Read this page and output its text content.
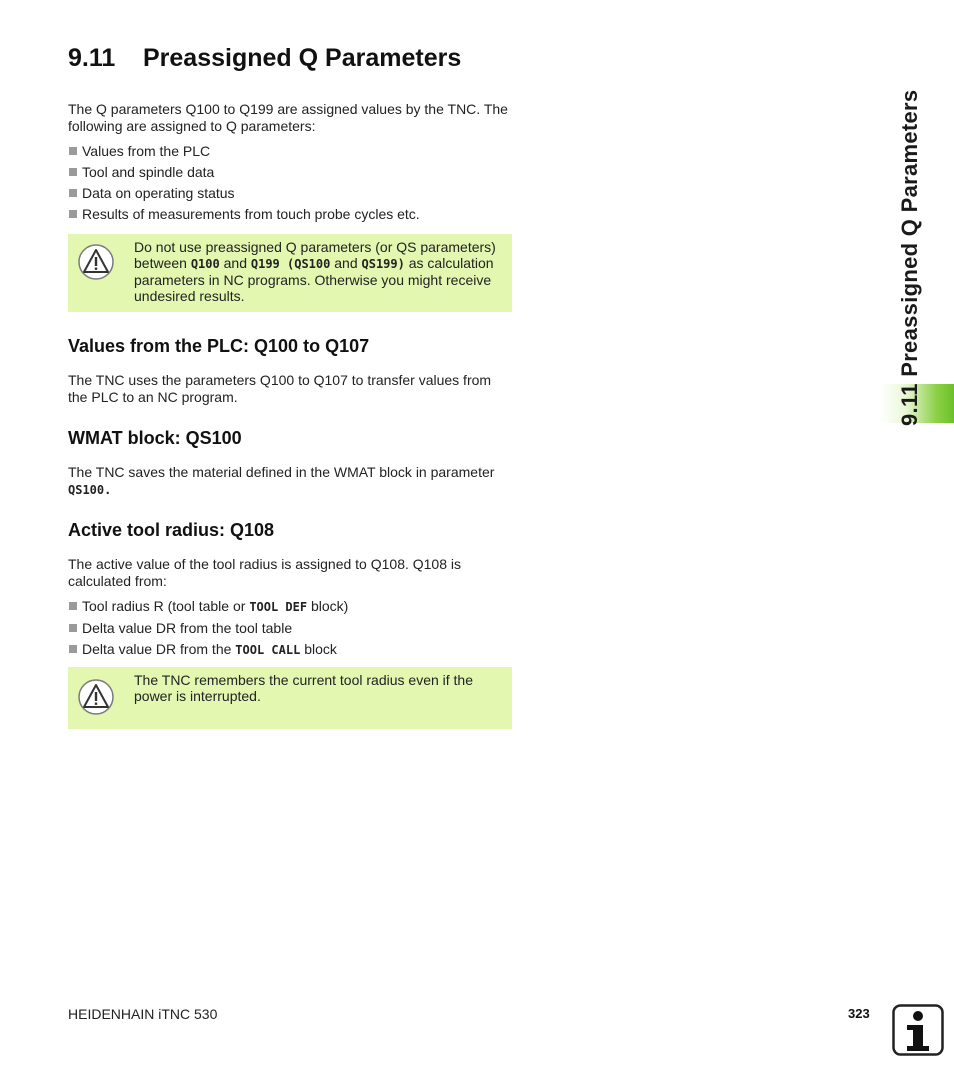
9.11 Preassigned Q Parameters

The Q parameters Q100 to Q199 are assigned values by the TNC. The following are assigned to Q parameters:

Values from the PLC
Tool and spindle data
Data on operating status
Results of measurements from touch probe cycles etc.
Do not use preassigned Q parameters (or QS parameters) between Q100 and Q199 (QS100 and QS199) as calculation parameters in NC programs. Otherwise you might receive undesired results.
Values from the PLC: Q100 to Q107

The TNC uses the parameters Q100 to Q107 to transfer values from the PLC to an NC program.

WMAT block: QS100

The TNC saves the material defined in the WMAT block in parameter
QS100.

Active tool radius: Q108

The active value of the tool radius is assigned to Q108. Q108 is calculated from:

Tool radius R (tool table or TOOL DEF block)
Delta value DR from the tool table
Delta value DR from the TOOL CALL block
The TNC remembers the current tool radius even if the power is interrupted.
9.11 Preassigned Q Parameters
HEIDENHAIN iTNC 530	323
